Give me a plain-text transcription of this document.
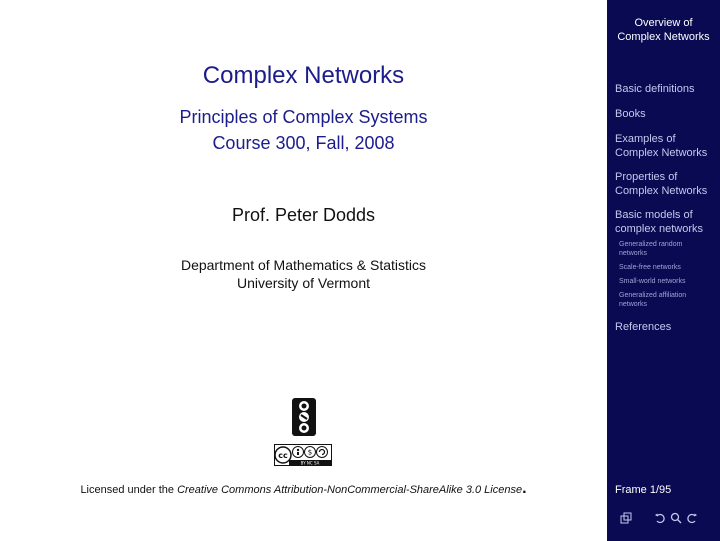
Complex Networks
Principles of Complex Systems
Course 300, Fall, 2008
Prof. Peter Dodds
Department of Mathematics & Statistics
University of Vermont
cc	$
BY NC SA
Licensed under the Creative Commons Attribution-NonCommercial-ShareAlike 3.0 License.
Overview of
Complex Networks
Basic definitions
Books
Examples of
Complex Networks
Properties of
Complex Networks
Basic models of
complex networks
Generalized random
networks
Scale-free networks
Small-world networks
Generalized affiliation
networks
References
Frame 1/95
